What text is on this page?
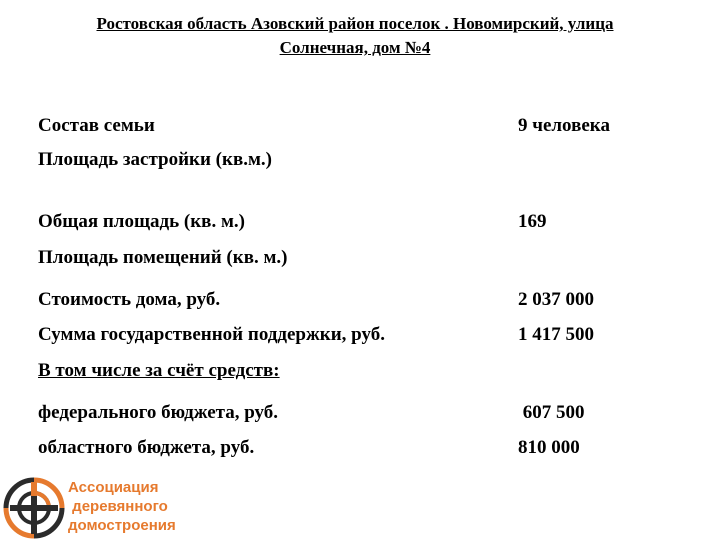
Ростовская область Азовский район поселок . Новомирский, улица
Солнечная, дом №4
Состав семьи	9 человека
Площадь застройки (кв.м.)
Общая площадь (кв. м.)	169
Площадь помещений (кв. м.)
Стоимость дома, руб.	2 037 000
Сумма государственной поддержки, руб.	1 417 500
В том числе за счёт средств:
федерального бюджета, руб.	607 500
областного бюджета, руб.	810 000
Ассоциация
деревянного
домостроения
